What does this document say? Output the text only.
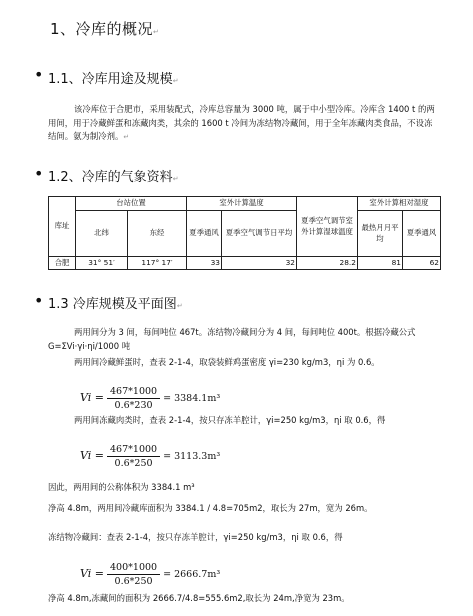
1、冷库的概况↵
• 1.1、冷库用途及规模↵
该冷库位于合肥市，采用装配式，冷库总容量为 3000 吨，属于中小型冷库。冷库含 1400 t 的两用间，用于冷藏鲜蛋和冻藏肉类，其余的 1600 t 冷间为冻结物冷藏间，用于全年冻藏肉类食品，不设冻结间。氨为制冷剂。↵
• 1.2、冷库的气象资料↵
库址	台站位置		室外计算温度		夏季空气调节室外计算湿球温度	室外计算相对湿度	
	北纬	东经	夏季通风	夏季空气调节日平均		最热月月平均	夏季通风
合肥	31° 51′	117° 17′	33	32	28.2	81	62
• 1.3 冷库规模及平面图↵
两用间分为 3 间，每间吨位 467t。冻结物冷藏间分为 4 间，每间吨位 400t。根据冷藏公式 G=ΣVi·γi·ηi/1000 吨
两用间冷藏鲜蛋时，查表 2-1-4，取袋装鲜鸡蛋密度 γi=230 kg/m3，ηi 为 0.6。
$Vi = \frac{467*1000}{0.6*230} = 3384.1m^3$
两用间冻藏肉类时，查表 2-1-4，按只存冻羊腔计，γi=250 kg/m3，ηi 取 0.6，得
$Vi = \frac{467*1000}{0.6*250} = 3113.3m^3$
因此，两用间的公称体积为 3384.1 m³
净高 4.8m，两用间冷藏库面积为 3384.1 / 4.8=705m2，取长为 27m，宽为 26m。
冻结物冷藏间：查表 2-1-4，按只存冻羊腔计，γi=250 kg/m3，ηi 取 0.6，得
$Vi = \frac{400*1000}{0.6*250} = 2666.7m^3$
净高 4.8m,冻藏间的面积为 2666.7/4.8=555.6m2,取长为 24m,净宽为 23m。
